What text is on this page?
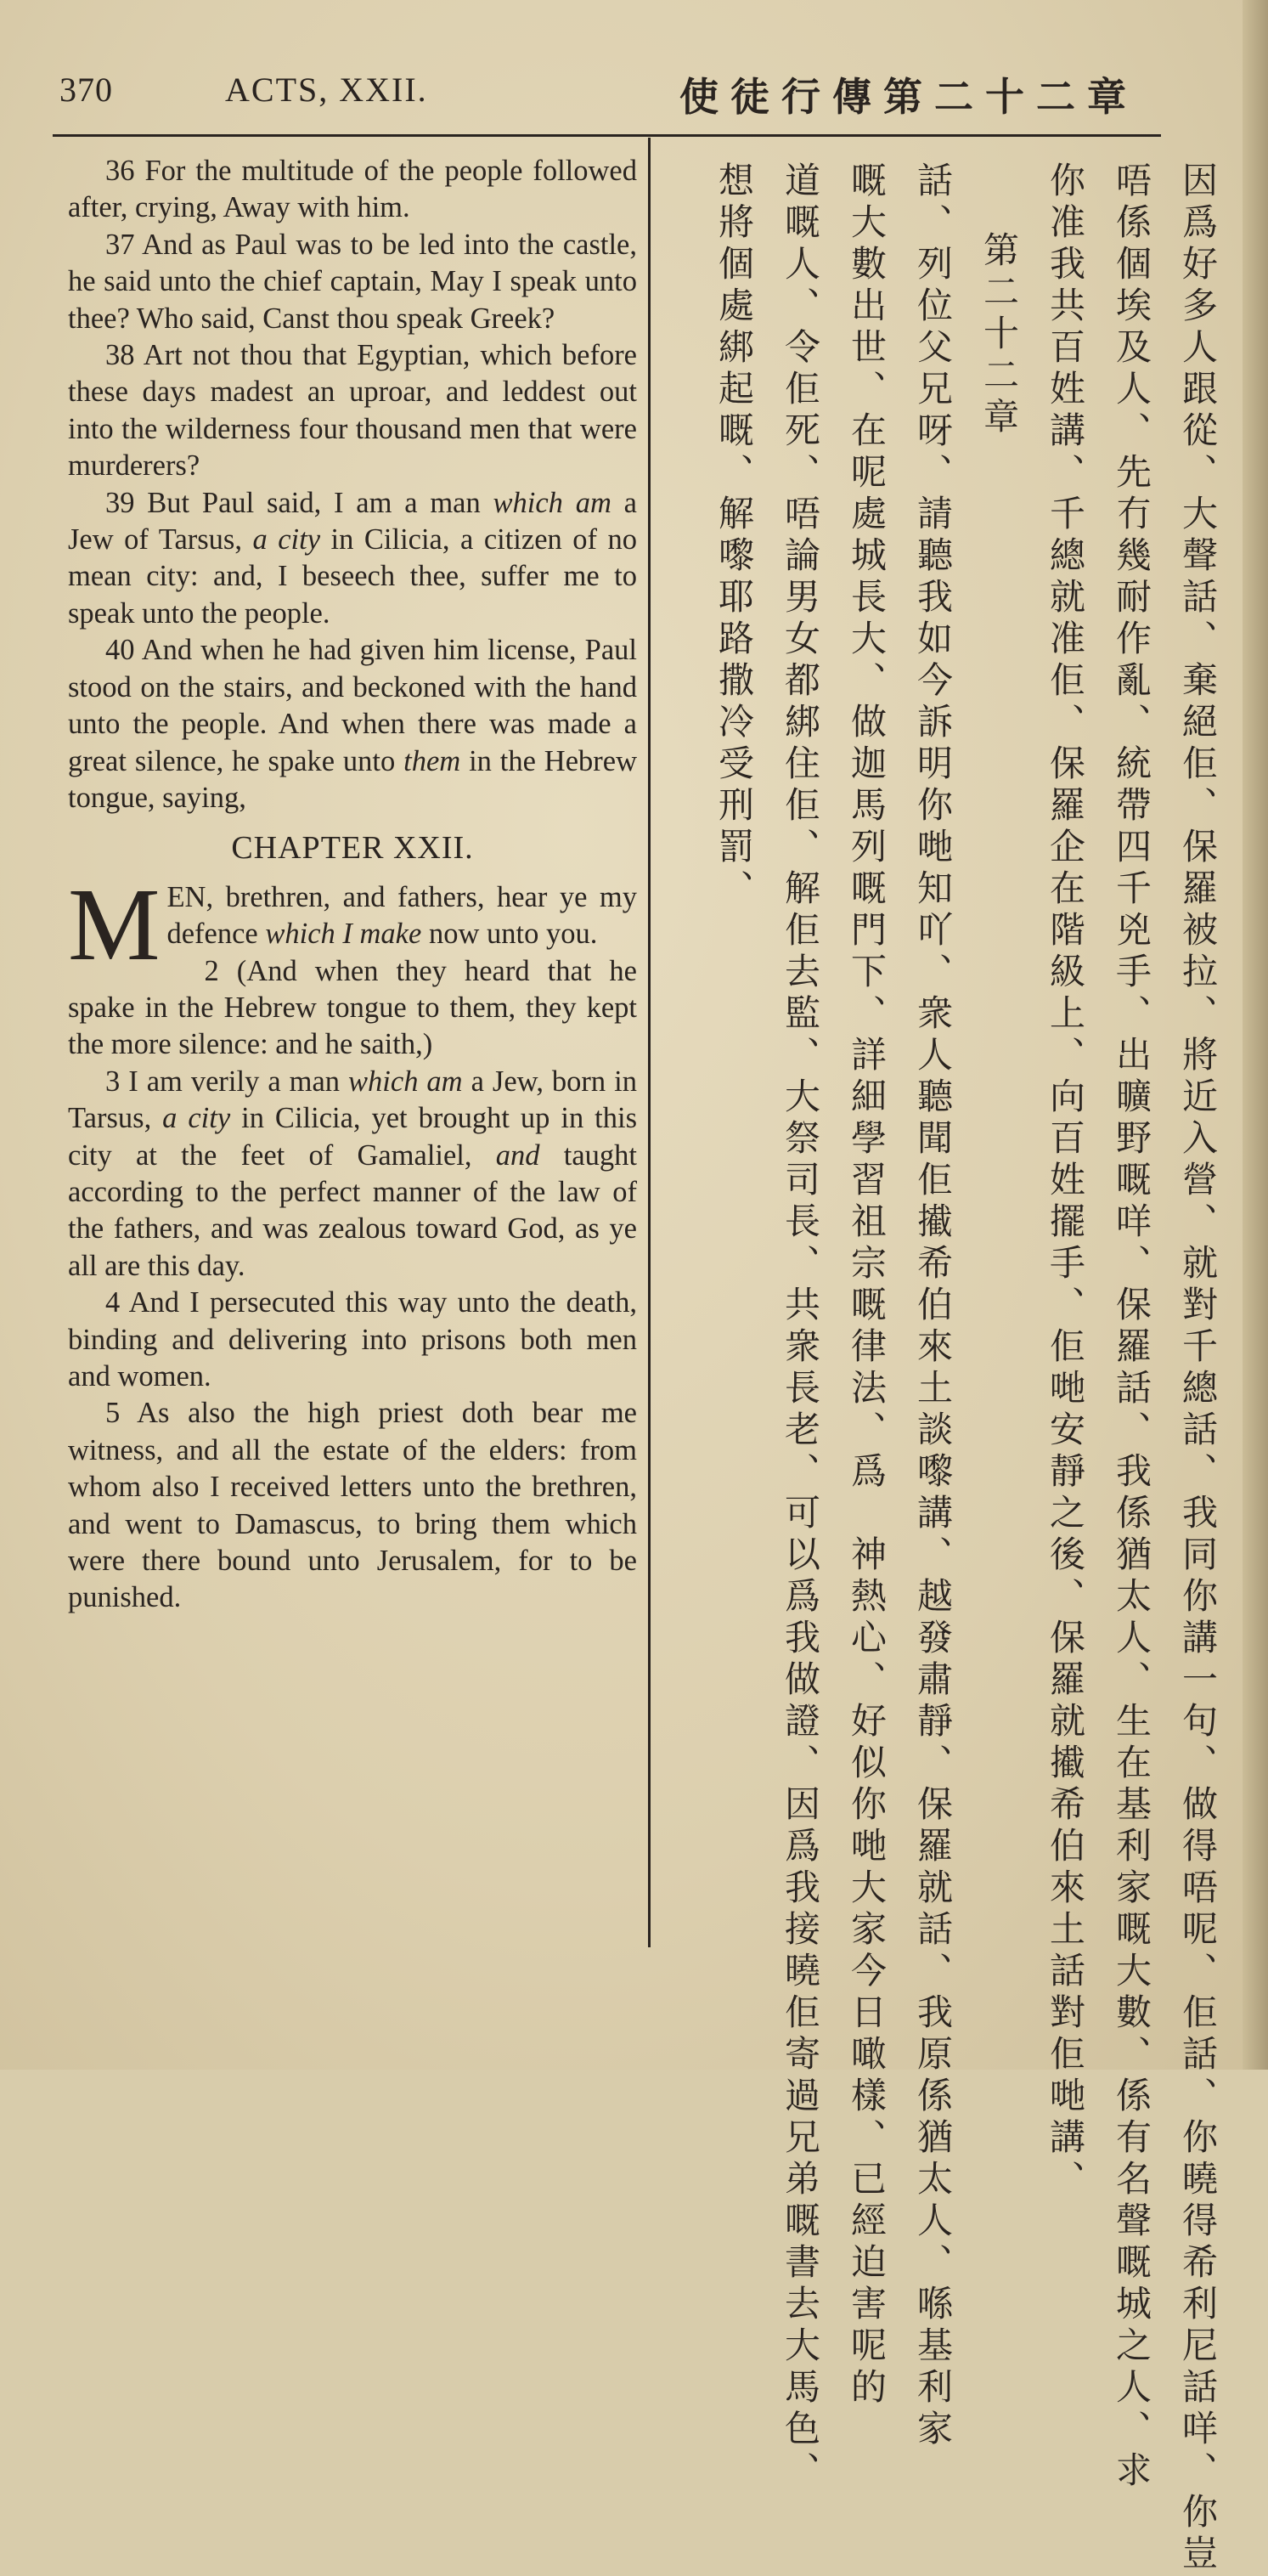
370	ACTS, XXII.	使徒行傳第二十二章

36 For the multitude of the people followed after, crying, Away with him.

37 And as Paul was to be led into the castle, he said unto the chief captain, May I speak unto thee? Who said, Canst thou speak Greek?

38 Art not thou that Egyptian, which before these days madest an uproar, and leddest out into the wilderness four thousand men that were murderers?

39 But Paul said, I am a man which am a Jew of Tarsus, a city in Cilicia, a citizen of no mean city: and, I beseech thee, suffer me to speak unto the people.

40 And when he had given him license, Paul stood on the stairs, and beckoned with the hand unto the people. And when there was made a great silence, he spake unto them in the Hebrew tongue, saying,

CHAPTER XXII.

MEN, brethren, and fathers, hear ye my defence which I make now unto you.

2 (And when they heard that he spake in the Hebrew tongue to them, they kept the more silence: and he saith,)

3 I am verily a man which am a Jew, born in Tarsus, a city in Cilicia, yet brought up in this city at the feet of Gamaliel, and taught according to the perfect manner of the law of the fathers, and was zealous toward God, as ye all are this day.

4 And I persecuted this way unto the death, binding and delivering into prisons both men and women.

5 As also the high priest doth bear me witness, and all the estate of the elders: from whom also I received letters unto the brethren, and went to Damascus, to bring them which were there bound unto Jerusalem, for to be punished.	因爲好多人跟從、大聲話、棄絕佢、保羅被拉、將近入營、就對千總話、我同你講一句、做得唔呢、佢話、你曉得希利尼話咩、你豈
唔係個埃及人、先冇幾耐作亂、統帶四千兇手、出曠野嘅咩、保羅話、我係猶太人、生在基利家嘅大數、係有名聲嘅城之人、求
你准我共百姓講、千總就准佢、保羅企在階級上、向百姓擺手、佢哋安靜之後、保羅就擮希伯來土話對佢哋講、
第二十二章
話、列位父兄呀、請聽我如今訴明你哋知吖、衆人聽聞佢擮希伯來土談嚟講、越發肅靜、保羅就話、我原係猶太人、喺基利家
嘅大數出世、在呢處城長大、做迦馬列嘅門下、詳細學習祖宗嘅律法、爲　神熱心、好似你哋大家今日噉樣、已經迫害呢的
道嘅人、令佢死、唔論男女都綁住佢、解佢去監、大祭司長、共衆長老、可以爲我做證、因爲我接曉佢寄過兄弟嘅書去大馬色、
想將個處綁起嘅、解嚟耶路撒冷受刑罰、
